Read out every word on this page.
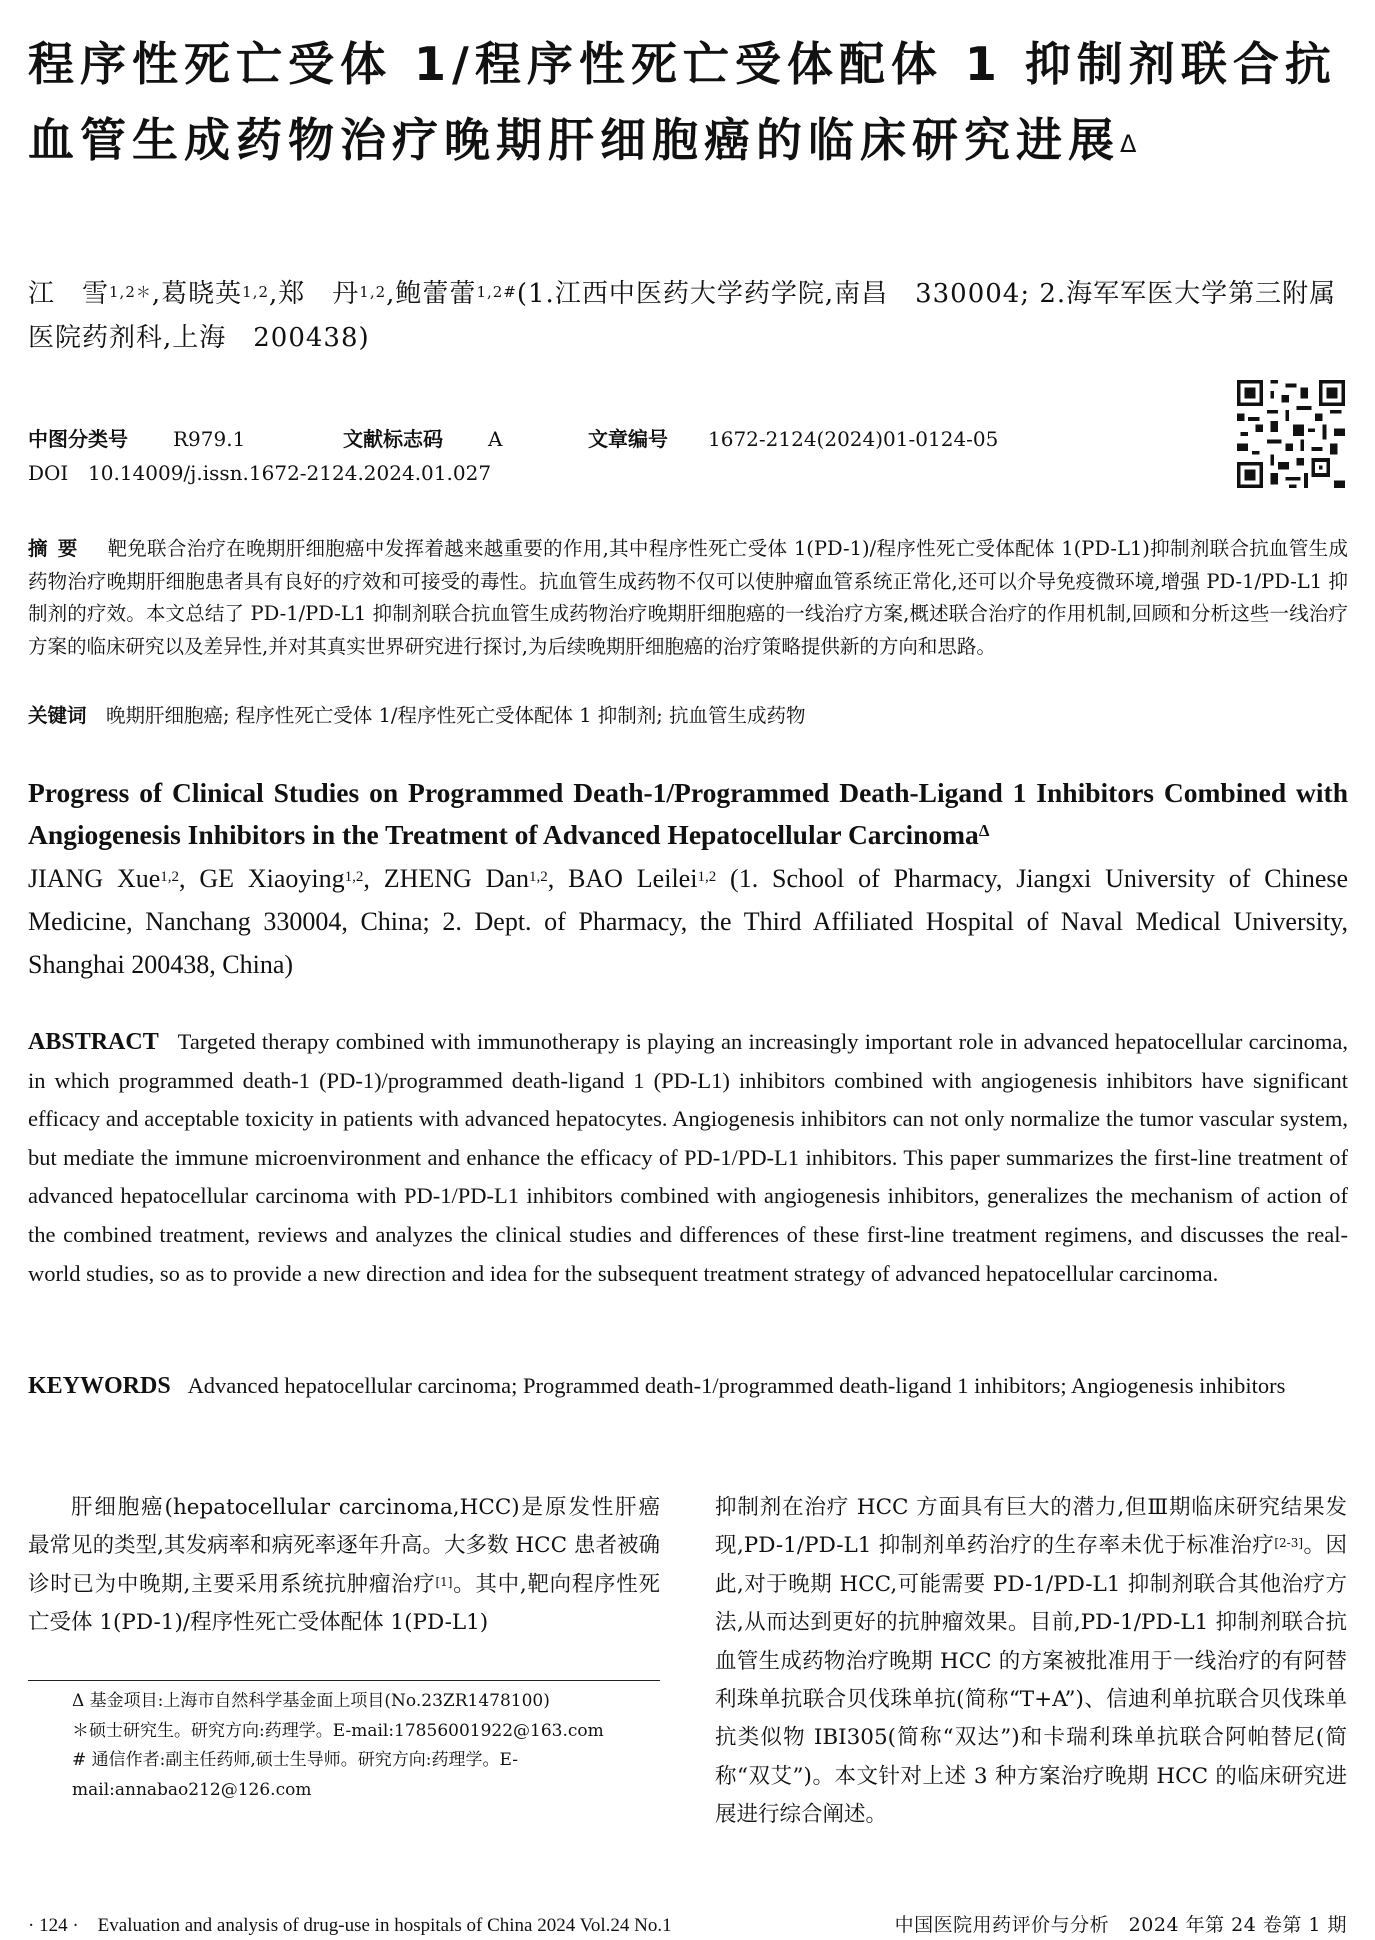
程序性死亡受体 1/程序性死亡受体配体 1 抑制剂联合抗血管生成药物治疗晚期肝细胞癌的临床研究进展$^\Delta$
江　雪$^{1,2*}$,葛晓英$^{1,2}$,郑　丹$^{1,2}$,鲍蕾蕾$^{1,2\#}$(1.江西中医药大学药学院,南昌　330004; 2.海军军医大学第三附属医院药剂科,上海　200438)
中图分类号 R979.1	文献标志码 A	文章编号 1672-2124(2024)01-0124-05
DOI 10.14009/j.issn.1672-2124.2024.01.027
摘要　 靶免联合治疗在晚期肝细胞癌中发挥着越来越重要的作用,其中程序性死亡受体 1(PD-1)/程序性死亡受体配体 1(PD-L1)抑制剂联合抗血管生成药物治疗晚期肝细胞患者具有良好的疗效和可接受的毒性。抗血管生成药物不仅可以使肿瘤血管系统正常化,还可以介导免疫微环境,增强 PD-1/PD-L1 抑制剂的疗效。本文总结了 PD-1/PD-L1 抑制剂联合抗血管生成药物治疗晚期肝细胞癌的一线治疗方案,概述联合治疗的作用机制,回顾和分析这些一线治疗方案的临床研究以及差异性,并对其真实世界研究进行探讨,为后续晚期肝细胞癌的治疗策略提供新的方向和思路。
关键词　 晚期肝细胞癌; 程序性死亡受体 1/程序性死亡受体配体 1 抑制剂; 抗血管生成药物
Progress of Clinical Studies on Programmed Death-1/Programmed Death-Ligand 1 Inhibitors Combined with Angiogenesis Inhibitors in the Treatment of Advanced Hepatocellular Carcinoma$^\Delta$
JIANG Xue$^{1,2}$, GE Xiaoying$^{1,2}$, ZHENG Dan$^{1,2}$, BAO Leilei$^{1,2}$ (1. School of Pharmacy, Jiangxi University of Chinese Medicine, Nanchang 330004, China; 2. Dept. of Pharmacy, the Third Affiliated Hospital of Naval Medical University, Shanghai 200438, China)
ABSTRACT Targeted therapy combined with immunotherapy is playing an increasingly important role in advanced hepatocellular carcinoma, in which programmed death-1 (PD-1)/programmed death-ligand 1 (PD-L1) inhibitors combined with angiogenesis inhibitors have significant efficacy and acceptable toxicity in patients with advanced hepatocytes. Angiogenesis inhibitors can not only normalize the tumor vascular system, but mediate the immune microenvironment and enhance the efficacy of PD-1/PD-L1 inhibitors. This paper summarizes the first-line treatment of advanced hepatocellular carcinoma with PD-1/PD-L1 inhibitors combined with angiogenesis inhibitors, generalizes the mechanism of action of the combined treatment, reviews and analyzes the clinical studies and differences of these first-line treatment regimens, and discusses the real-world studies, so as to provide a new direction and idea for the subsequent treatment strategy of advanced hepatocellular carcinoma.
KEYWORDS Advanced hepatocellular carcinoma; Programmed death-1/programmed death-ligand 1 inhibitors; Angiogenesis inhibitors
肝细胞癌(hepatocellular carcinoma,HCC)是原发性肝癌最常见的类型,其发病率和病死率逐年升高。大多数 HCC 患者被确诊时已为中晚期,主要采用系统抗肿瘤治疗[1]。其中,靶向程序性死亡受体 1(PD-1)/程序性死亡受体配体 1(PD-L1)
抑制剂在治疗 HCC 方面具有巨大的潜力,但Ⅲ期临床研究结果发现,PD-1/PD-L1 抑制剂单药治疗的生存率未优于标准治疗[2-3]。因此,对于晚期 HCC,可能需要 PD-1/PD-L1 抑制剂联合其他治疗方法,从而达到更好的抗肿瘤效果。目前,PD-1/PD-L1 抑制剂联合抗血管生成药物治疗晚期 HCC 的方案被批准用于一线治疗的有阿替利珠单抗联合贝伐珠单抗(简称“T+A”)、信迪利单抗联合贝伐珠单抗类似物 IBI305(简称“双达”)和卡瑞利珠单抗联合阿帕替尼(简称“双艾”)。本文针对上述 3 种方案治疗晚期 HCC 的临床研究进展进行综合阐述。

Δ 基金项目:上海市自然科学基金面上项目(No.23ZR1478100)

＊硕士研究生。研究方向:药理学。E-mail:17856001922@163.com

# 通信作者:副主任药师,硕士生导师。研究方向:药理学。E-mail:annabao212@126.com

· 124 ·　Evaluation and analysis of drug-use in hospitals of China 2024 Vol.24 No.1	中国医院用药评价与分析　2024 年第 24 卷第 1 期
